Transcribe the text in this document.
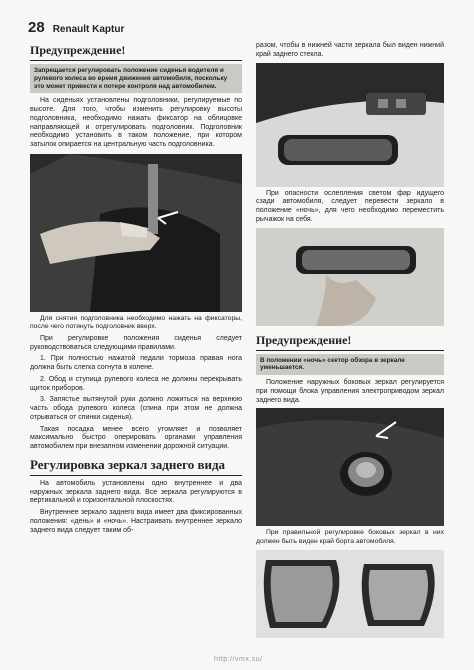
28 Renault Kaptur
Предупреждение!
Запрещается регулировать положение сиденья водителя и рулевого колеса во время движения автомобиля, поскольку это может привести к потере контроля над автомобилем.

На сиденьях установлены подголовники, регулируемые по высоте. Для того, чтобы изменить регулировку высоты подголовника, необходимо нажать фиксатор на облицовке направляющей и отрегулировать подголовник. Подголовник необходимо установить в таком положение, при котором затылок опирается на центральную часть подголовника.

Для снятия подголовника необходимо нажать на фиксаторы, после чего потянуть подголовник вверх.

При регулировке положения сиденья следует руководствоваться следующими правилами.

1. При полностью нажатой педали тормоза правая нога должна быть слегка согнута в колене.

2. Обод и ступица рулевого колеса не должны перекрывать щиток приборов.

3. Запястье вытянутой руки должно ложиться на верхнюю часть обода рулевого колеса (спина при этом не должна отрываться от спинки сиденья).

Такая посадка менее всего утомляет и позволяет максимально быстро оперировать органами управления автомобилем при внезапном изменении дорожной ситуации.

Регулировка зеркал заднего вида

На автомобиль установлены одно внутреннее и два наружных зеркала заднего вида. Все зеркала регулируются в вертикальной и горизонтальной плоскостях.

Внутреннее зеркало заднего вида имеет два фиксированных положения: «день» и «ночь». Настраивать внутреннее зеркало заднего вида следует таким об-

разом, чтобы в нижней части зеркала был виден нижний край заднего стекла.

При опасности ослепления светом фар идущего сзади автомобиля, следует перевести зеркало в положение «ночь», для чего необходимо переместить рычажок на себя.

Предупреждение!
В положении «ночь» сектор обзора в зеркале уменьшается.

Положение наружных боковых зеркал регулируется при помощи блока управления электроприводом зеркал заднего вида.

При правильной регулировке боковых зеркал в них должен быть виден край борта автомобиля.
http://vmx.su/
